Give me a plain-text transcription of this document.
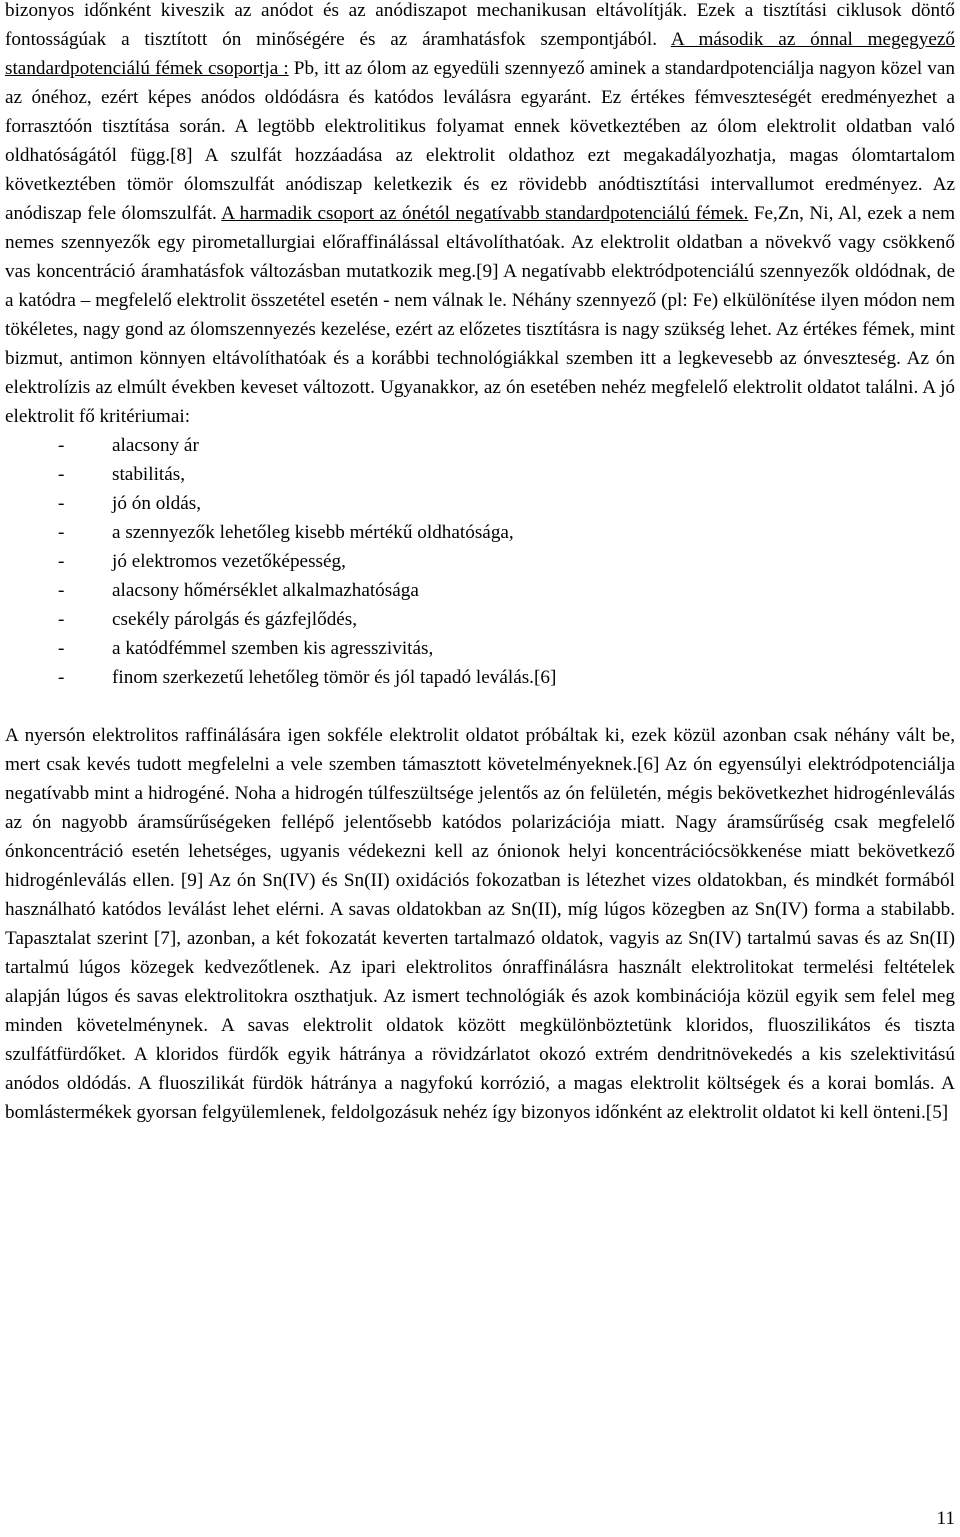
bizonyos időnként kiveszik az anódot és az anódiszapot mechanikusan eltávolítják. Ezek a tisztítási ciklusok döntő fontosságúak a tisztított ón minőségére és az áramhatásfok szempontjából. A második az ónnal megegyező standardpotenciálú fémek csoportja : Pb, itt az ólom az egyedüli szennyező aminek a standardpotenciálja nagyon közel van az ónéhoz, ezért képes anódos oldódásra és katódos leválásra egyaránt. Ez értékes fémveszteségét eredményezhet a forrasztóón tisztítása során. A legtöbb elektrolitikus folyamat ennek következtében az ólom elektrolit oldatban való oldhatóságától függ.[8] A szulfát hozzáadása az elektrolit oldathoz ezt megakadályozhatja, magas ólomtartalom következtében tömör ólomszulfát anódiszap keletkezik és ez rövidebb anódtisztítási intervallumot eredményez. Az anódiszap fele ólomszulfát. A harmadik csoport az ónétól negatívabb standardpotenciálú fémek. Fe,Zn, Ni, Al, ezek a nem nemes szennyezők egy pirometallurgiai előraffinálással eltávolíthatóak. Az elektrolit oldatban a növekvő vagy csökkenő vas koncentráció áramhatásfok változásban mutatkozik meg.[9] A negatívabb elektródpotenciálú szennyezők oldódnak, de a katódra – megfelelő elektrolit összetétel esetén - nem válnak le. Néhány szennyező (pl: Fe) elkülönítése ilyen módon nem tökéletes, nagy gond az ólomszennyezés kezelése, ezért az előzetes tisztításra is nagy szükség lehet. Az értékes fémek, mint bizmut, antimon könnyen eltávolíthatóak és a korábbi technológiákkal szemben itt a legkevesebb az ónveszteség. Az ón elektrolízis az elmúlt években keveset változott. Ugyanakkor, az ón esetében nehéz megfelelő elektrolit oldatot találni. A jó elektrolit fő kritériumai:

-	alacsony ár
-	stabilitás,
-	jó ón oldás,
-	a szennyezők lehetőleg kisebb mértékű oldhatósága,
-	jó elektromos vezetőképesség,
-	alacsony hőmérséklet alkalmazhatósága
-	csekély párolgás és gázfejlődés,
-	a katódfémmel szemben kis agresszivitás,
-	finom szerkezetű lehetőleg tömör és jól tapadó leválás.[6]

A nyersón elektrolitos raffinálására igen sokféle elektrolit oldatot próbáltak ki, ezek közül azonban csak néhány vált be, mert csak kevés tudott megfelelni a vele szemben támasztott követelményeknek.[6] Az ón egyensúlyi elektródpotenciálja negatívabb mint a hidrogéné. Noha a hidrogén túlfeszültsége jelentős az ón felületén, mégis bekövetkezhet hidrogénleválás az ón nagyobb áramsűrűségeken fellépő jelentősebb katódos polarizációja miatt. Nagy áramsűrűség csak megfelelő ónkoncentráció esetén lehetséges, ugyanis védekezni kell az ónionok helyi koncentrációcsökkenése miatt bekövetkező hidrogénleválás ellen. [9] Az ón Sn(IV) és Sn(II) oxidációs fokozatban is létezhet vizes oldatokban, és mindkét formából használható katódos leválást lehet elérni. A savas oldatokban az Sn(II), míg lúgos közegben az Sn(IV) forma a stabilabb. Tapasztalat szerint [7], azonban, a két fokozatát keverten tartalmazó oldatok, vagyis az Sn(IV) tartalmú savas és az Sn(II) tartalmú lúgos közegek kedvezőtlenek. Az ipari elektrolitos ónraffinálásra használt elektrolitokat termelési feltételek alapján lúgos és savas elektrolitokra oszthatjuk. Az ismert technológiák és azok kombinációja közül egyik sem felel meg minden követelménynek. A savas elektrolit oldatok között megkülönböztetünk kloridos, fluoszilikátos és tiszta szulfátfürdőket. A kloridos fürdők egyik hátránya a rövidzárlatot okozó extrém dendritnövekedés a kis szelektivitású anódos oldódás. A fluoszilikát fürdök hátránya a nagyfokú korrózió, a magas elektrolit költségek és a korai bomlás. A bomlástermékek gyorsan felgyülemlenek, feldolgozásuk nehéz így bizonyos időnként az elektrolit oldatot ki kell önteni.[5]

11
